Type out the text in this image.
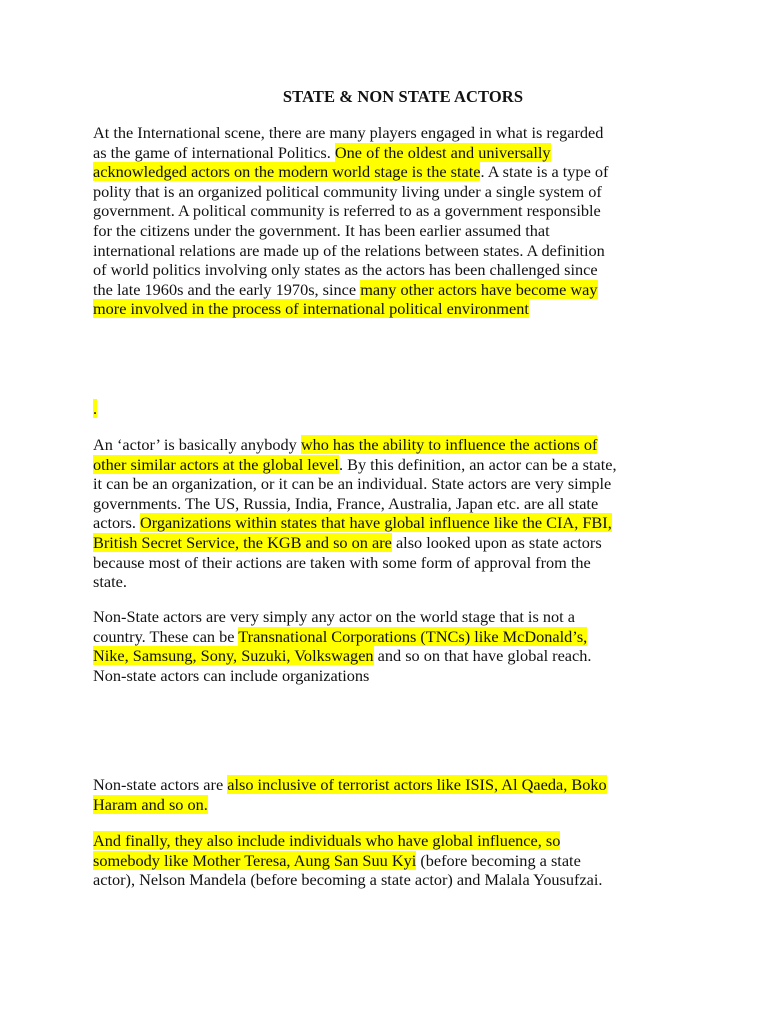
STATE & NON STATE ACTORS
At the International scene, there are many players engaged in what is regarded
as the game of international Politics. One of the oldest and universally
acknowledged actors on the modern world stage is the state. A state is a type of
polity that is an organized political community living under a single system of
government. A political community is referred to as a government responsible
for the citizens under the government. It has been earlier assumed that
international relations are made up of the relations between states. A definition
of world politics involving only states as the actors has been challenged since
the late 1960s and the early 1970s, since many other actors have become way
more involved in the process of international political environment
.
An ‘actor’ is basically anybody who has the ability to influence the actions of
other similar actors at the global level. By this definition, an actor can be a state,
it can be an organization, or it can be an individual. State actors are very simple
governments. The US, Russia, India, France, Australia, Japan etc. are all state
actors. Organizations within states that have global influence like the CIA, FBI,
British Secret Service, the KGB and so on are also looked upon as state actors
because most of their actions are taken with some form of approval from the
state.
Non-State actors are very simply any actor on the world stage that is not a
country. These can be Transnational Corporations (TNCs) like McDonald’s,
Nike, Samsung, Sony, Suzuki, Volkswagen and so on that have global reach.
Non-state actors can include organizations
Non-state actors are also inclusive of terrorist actors like ISIS, Al Qaeda, Boko
Haram and so on.
And finally, they also include individuals who have global influence, so
somebody like Mother Teresa, Aung San Suu Kyi (before becoming a state
actor), Nelson Mandela (before becoming a state actor) and Malala Yousufzai.
